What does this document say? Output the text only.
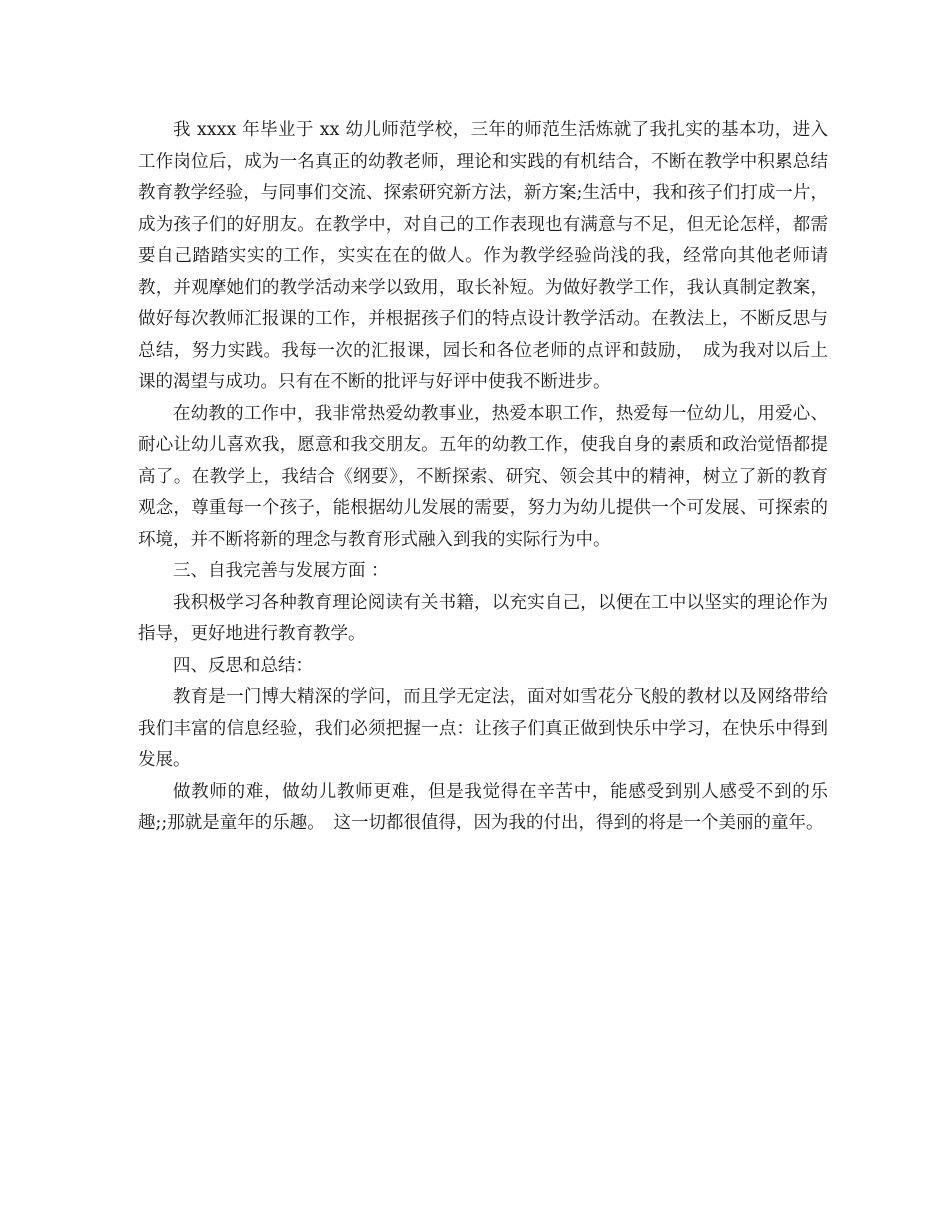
我 xxxx 年毕业于 xx 幼儿师范学校，三年的师范生活炼就了我扎实的基本功，进入工作岗位后，成为一名真正的幼教老师，理论和实践的有机结合，不断在教学中积累总结教育教学经验，与同事们交流、探索研究新方法，新方案;生活中，我和孩子们打成一片，成为孩子们的好朋友。在教学中，对自己的工作表现也有满意与不足，但无论怎样，都需要自己踏踏实实的工作，实实在在的做人。作为教学经验尚浅的我，经常向其他老师请教，并观摩她们的教学活动来学以致用，取长补短。为做好教学工作，我认真制定教案，做好每次教师汇报课的工作，并根据孩子们的特点设计教学活动。在教法上，不断反思与总结，努力实践。我每一次的汇报课，园长和各位老师的点评和鼓励，　成为我对以后上课的渴望与成功。只有在不断的批评与好评中使我不断进步。

在幼教的工作中，我非常热爱幼教事业，热爱本职工作，热爱每一位幼儿，用爱心、耐心让幼儿喜欢我，愿意和我交朋友。五年的幼教工作，使我自身的素质和政治觉悟都提高了。在教学上，我结合《纲要》，不断探索、研究、领会其中的精神，树立了新的教育观念，尊重每一个孩子，能根据幼儿发展的需要，努力为幼儿提供一个可发展、可探索的环境，并不断将新的理念与教育形式融入到我的实际行为中。

三、自我完善与发展方面 ：

我积极学习各种教育理论阅读有关书籍，以充实自己，以便在工中以坚实的理论作为指导，更好地进行教育教学。

四、反思和总结：

教育是一门博大精深的学问，而且学无定法，面对如雪花分飞般的教材以及网络带给我们丰富的信息经验，我们必须把握一点：让孩子们真正做到快乐中学习，在快乐中得到发展。

做教师的难，做幼儿教师更难，但是我觉得在辛苦中，能感受到别人感受不到的乐趣;;那就是童年的乐趣。　这一切都很值得，因为我的付出，得到的将是一个美丽的童年。
